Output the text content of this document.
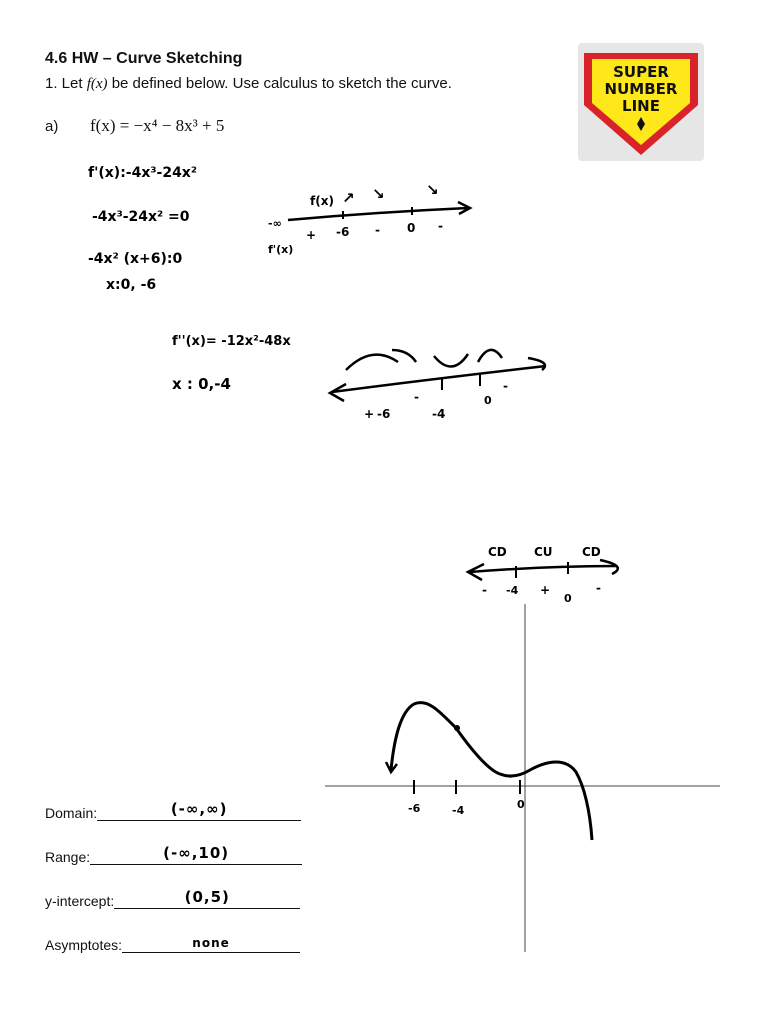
4.6 HW – Curve Sketching
1. Let f(x) be defined below. Use calculus to sketch the curve.
a) f(x) = −x⁴ − 8x³ + 5
SUPER
NUMBER
LINE
f'(x):-4x³-24x²
-4x³-24x² =0
-4x² (x+6):0
x:0, -6
f''(x)= -12x²-48x
x : 0,-4
f(x) ↗ ↘	↘
-∞
f'(x)
+ -6 - 0 -
+ -6
-
-4
0
-
CD CU CD
- -4 +
0
-
-6	-4	0
Domain:	(-∞,∞)
Range:	(-∞,10)
y-intercept:	(0,5)
Asymptotes:	none
